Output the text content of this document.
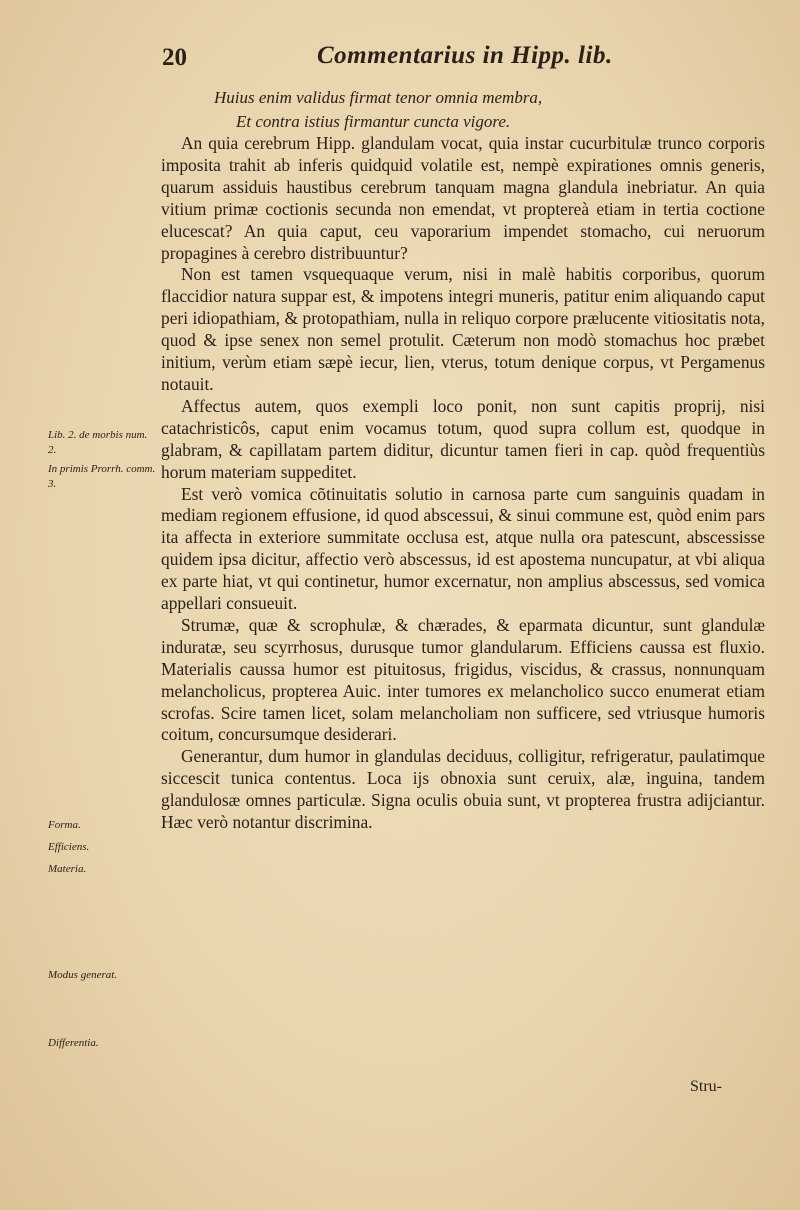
20	Commentarius in Hipp. lib.
Huius enim validus firmat tenor omnia membra,
Et contra istius firmantur cuncta vigore.

An quia cerebrum Hipp. glandulam vocat, quia instar cucurbitulæ trunco corporis imposita trahit ab inferis quidquid volatile est, nempè expirationes omnis generis, quarum assiduis haustibus cerebrum tanquam magna glandula inebriatur. An quia vitium primæ coctionis secunda non emendat, vt proptereà etiam in tertia coctione elucescat? An quia caput, ceu vaporarium impendet stomacho, cui neruorum propagines à cerebro distribuuntur?

Non est tamen vsquequaque verum, nisi in malè habitis corporibus, quorum flaccidior natura suppar est, & impotens integri muneris, patitur enim aliquando caput peri idiopathiam, & protopathiam, nulla in reliquo corpore prælucente vitiositatis nota, quod & ipse senex non semel protulit. Cæterum non modò stomachus hoc præbet initium, verùm etiam sæpè iecur, lien, vterus, totum denique corpus, vt Pergamenus notauit.

Affectus autem, quos exempli loco ponit, non sunt capitis proprij, nisi catachristicôs, caput enim vocamus totum, quod supra collum est, quodque in glabram, & capillatam partem diditur, dicuntur tamen fieri in cap. quòd frequentiùs horum materiam suppeditet.

Est verò vomica cõtinuitatis solutio in carnosa parte cum sanguinis quadam in mediam regionem effusione, id quod abscessui, & sinui commune est, quòd enim pars ita affecta in exteriore summitate occlusa est, atque nulla ora patescunt, abscessisse quidem ipsa dicitur, affectio verò abscessus, id est apostema nuncupatur, at vbi aliqua ex parte hiat, vt qui continetur, humor excernatur, non amplius abscessus, sed vomica appellari consueuit.

Strumæ, quæ & scrophulæ, & chærades, & eparmata dicuntur, sunt glandulæ induratæ, seu scyrrhosus, durusque tumor glandularum. Efficiens caussa est fluxio. Materialis caussa humor est pituitosus, frigidus, viscidus, & crassus, nonnunquam melancholicus, propterea Auic. inter tumores ex melancholico succo enumerat etiam scrofas. Scire tamen licet, solam melancholiam non sufficere, sed vtriusque humoris coitum, concursumque desiderari.

Generantur, dum humor in glandulas deciduus, colligitur, refrigeratur, paulatimque siccescit tunica contentus. Loca ijs obnoxia sunt ceruix, alæ, inguina, tandem glandulosæ omnes particulæ. Signa oculis obuia sunt, vt propterea frustra adijciantur. Hæc verò notantur discrimina.

Lib. 2. de morbis num. 2.
In primis Prorrh. comm. 3.
Forma.
Efficiens.
Materia.
Modus generat.
Differentia.
Stru-
